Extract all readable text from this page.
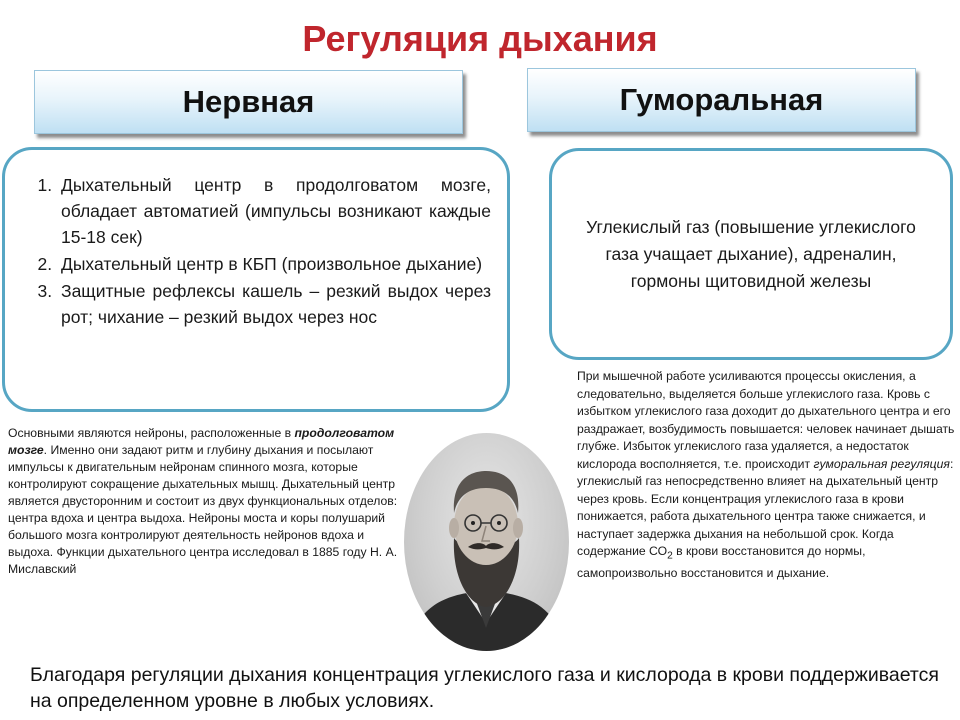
Регуляция дыхания
Нервная	Гуморальная
1. Дыхательный центр в продолговатом мозге, обладает автоматией (импульсы возникают каждые 15-18 сек)
2. Дыхательный центр в КБП (произвольное дыхание)
3. Защитные рефлексы кашель – резкий выдох через рот; чихание – резкий выдох через нос
Углекислый газ (повышение углекислого газа учащает дыхание), адреналин, гормоны щитовидной железы
Основными являются нейроны, расположенные в продолговатом мозге. Именно они задают ритм и глубину дыхания и посылают импульсы к двигательным нейронам спинного мозга, которые контролируют сокращение дыхательных мышц. Дыхательный центр является двусторонним и состоит из двух функциональных отделов: центра вдоха и центра выдоха. Нейроны моста и коры полушарий большого мозга контролируют деятельность нейронов вдоха и выдоха. Функции дыхательного центра исследовал в 1885 году Н. А. Миславский
При мышечной работе усиливаются процессы окисления, а следовательно, выделяется больше углекислого газа. Кровь с избытком углекислого газа доходит до дыхательного центра и его раздражает, возбудимость повышается: человек начинает дышать глубже. Избыток углекислого газа удаляется, а недостаток кислорода восполняется, т.е. происходит гуморальная регуляция: углекислый газ непосредственно влияет на дыхательный центр через кровь. Если концентрация углекислого газа в крови понижается, работа дыхательного центра также снижается, и наступает задержка дыхания на небольшой срок. Когда содержание $СО_2$ в крови восстановится до нормы, самопроизвольно восстановится и дыхание.
Благодаря регуляции дыхания концентрация углекислого газа и кислорода в крови поддерживается на определенном уровне в любых условиях.
